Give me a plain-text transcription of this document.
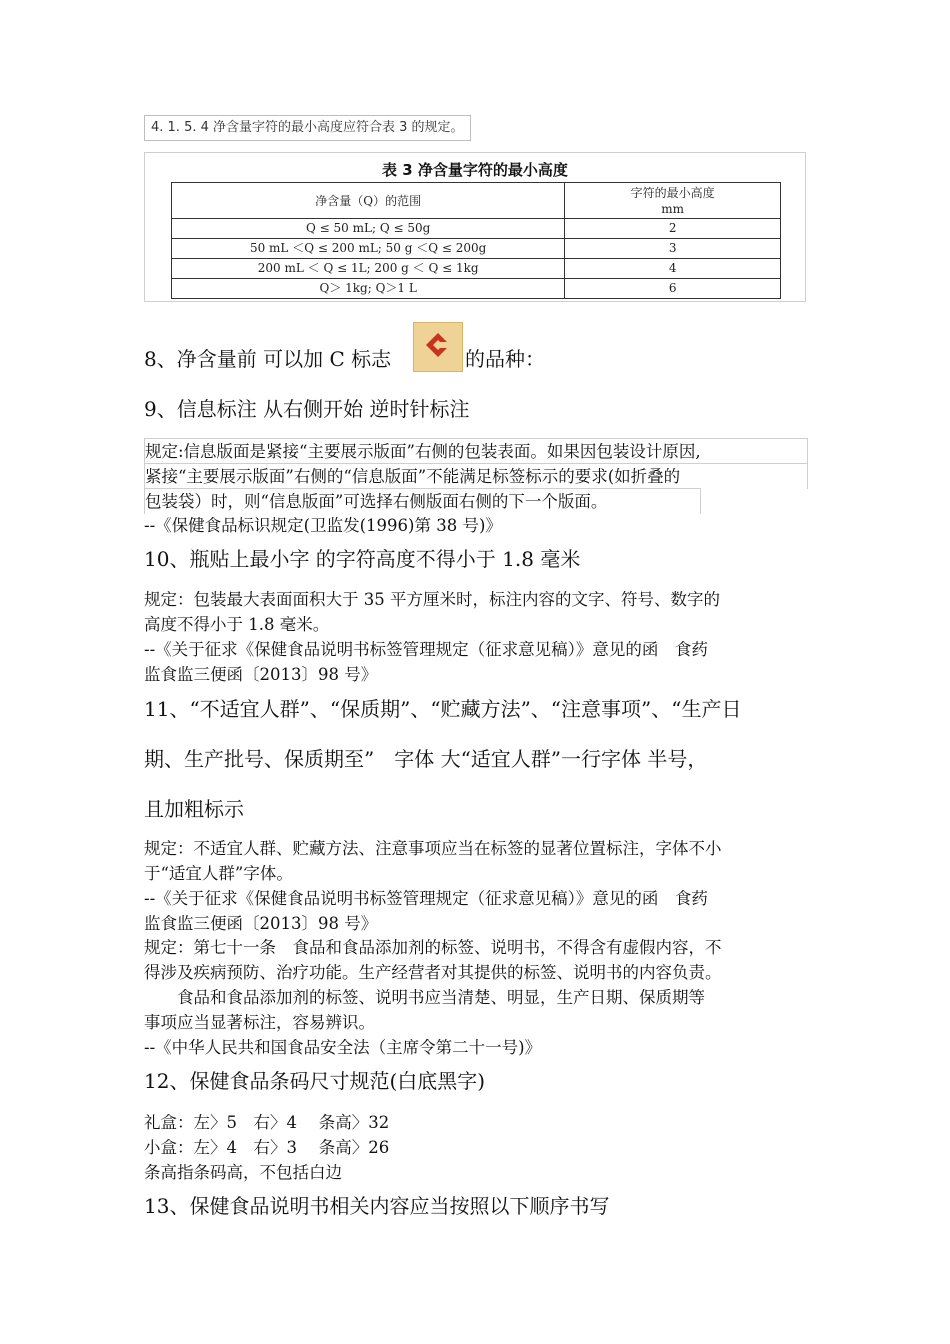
4. 1. 5. 4 净含量字符的最小高度应符合表 3 的规定。
表 3 净含量字符的最小高度
净含量（Q）的范围	字符的最小高度
mm

Q ≤ 50 mL; Q ≤ 50g	2
50 mL ＜Q ≤ 200 mL; 50 g ＜Q ≤ 200g	3
200 mL ＜ Q ≤ 1L; 200 g ＜ Q ≤ 1kg	4
Q＞ 1kg; Q＞1 L	6
8、净含量前 可以加 C 标志	的品种：
9、信息标注 从右侧开始 逆时针标注
规定:信息版面是紧接“主要展示版面”右侧的包装表面。如果因包装设计原因,
紧接“主要展示版面”右侧的“信息版面”不能满足标签标示的要求(如折叠的
包装袋）时，则“信息版面”可选择右侧版面右侧的下一个版面。
--《保健食品标识规定(卫监发(1996)第 38 号)》
10、瓶贴上最小字 的字符高度不得小于 1.8 毫米
规定：包装最大表面面积大于 35 平方厘米时，标注内容的文字、符号、数字的
高度不得小于 1.8 毫米。
--《关于征求《保健食品说明书标签管理规定（征求意见稿）》意见的函　食药
监食监三便函〔2013〕98 号》
11、“不适宜人群”、“保质期”、“贮藏方法”、“注意事项”、“生产日
期、生产批号、保质期至”　字体 大“适宜人群”一行字体 半号，
且加粗标示
规定：不适宜人群、贮藏方法、注意事项应当在标签的显著位置标注，字体不小
于“适宜人群”字体。
--《关于征求《保健食品说明书标签管理规定（征求意见稿）》意见的函　食药
监食监三便函〔2013〕98 号》
规定：第七十一条　食品和食品添加剂的标签、说明书，不得含有虚假内容，不
得涉及疾病预防、治疗功能。生产经营者对其提供的标签、说明书的内容负责。
　　食品和食品添加剂的标签、说明书应当清楚、明显，生产日期、保质期等
事项应当显著标注，容易辨识。
--《中华人民共和国食品安全法（主席令第二十一号)》
12、保健食品条码尺寸规范(白底黑字)
礼盒：左〉5　右〉4　 条高〉32
小盒：左〉4　右〉3　 条高〉26
条高指条码高，不包括白边
13、保健食品说明书相关内容应当按照以下顺序书写
